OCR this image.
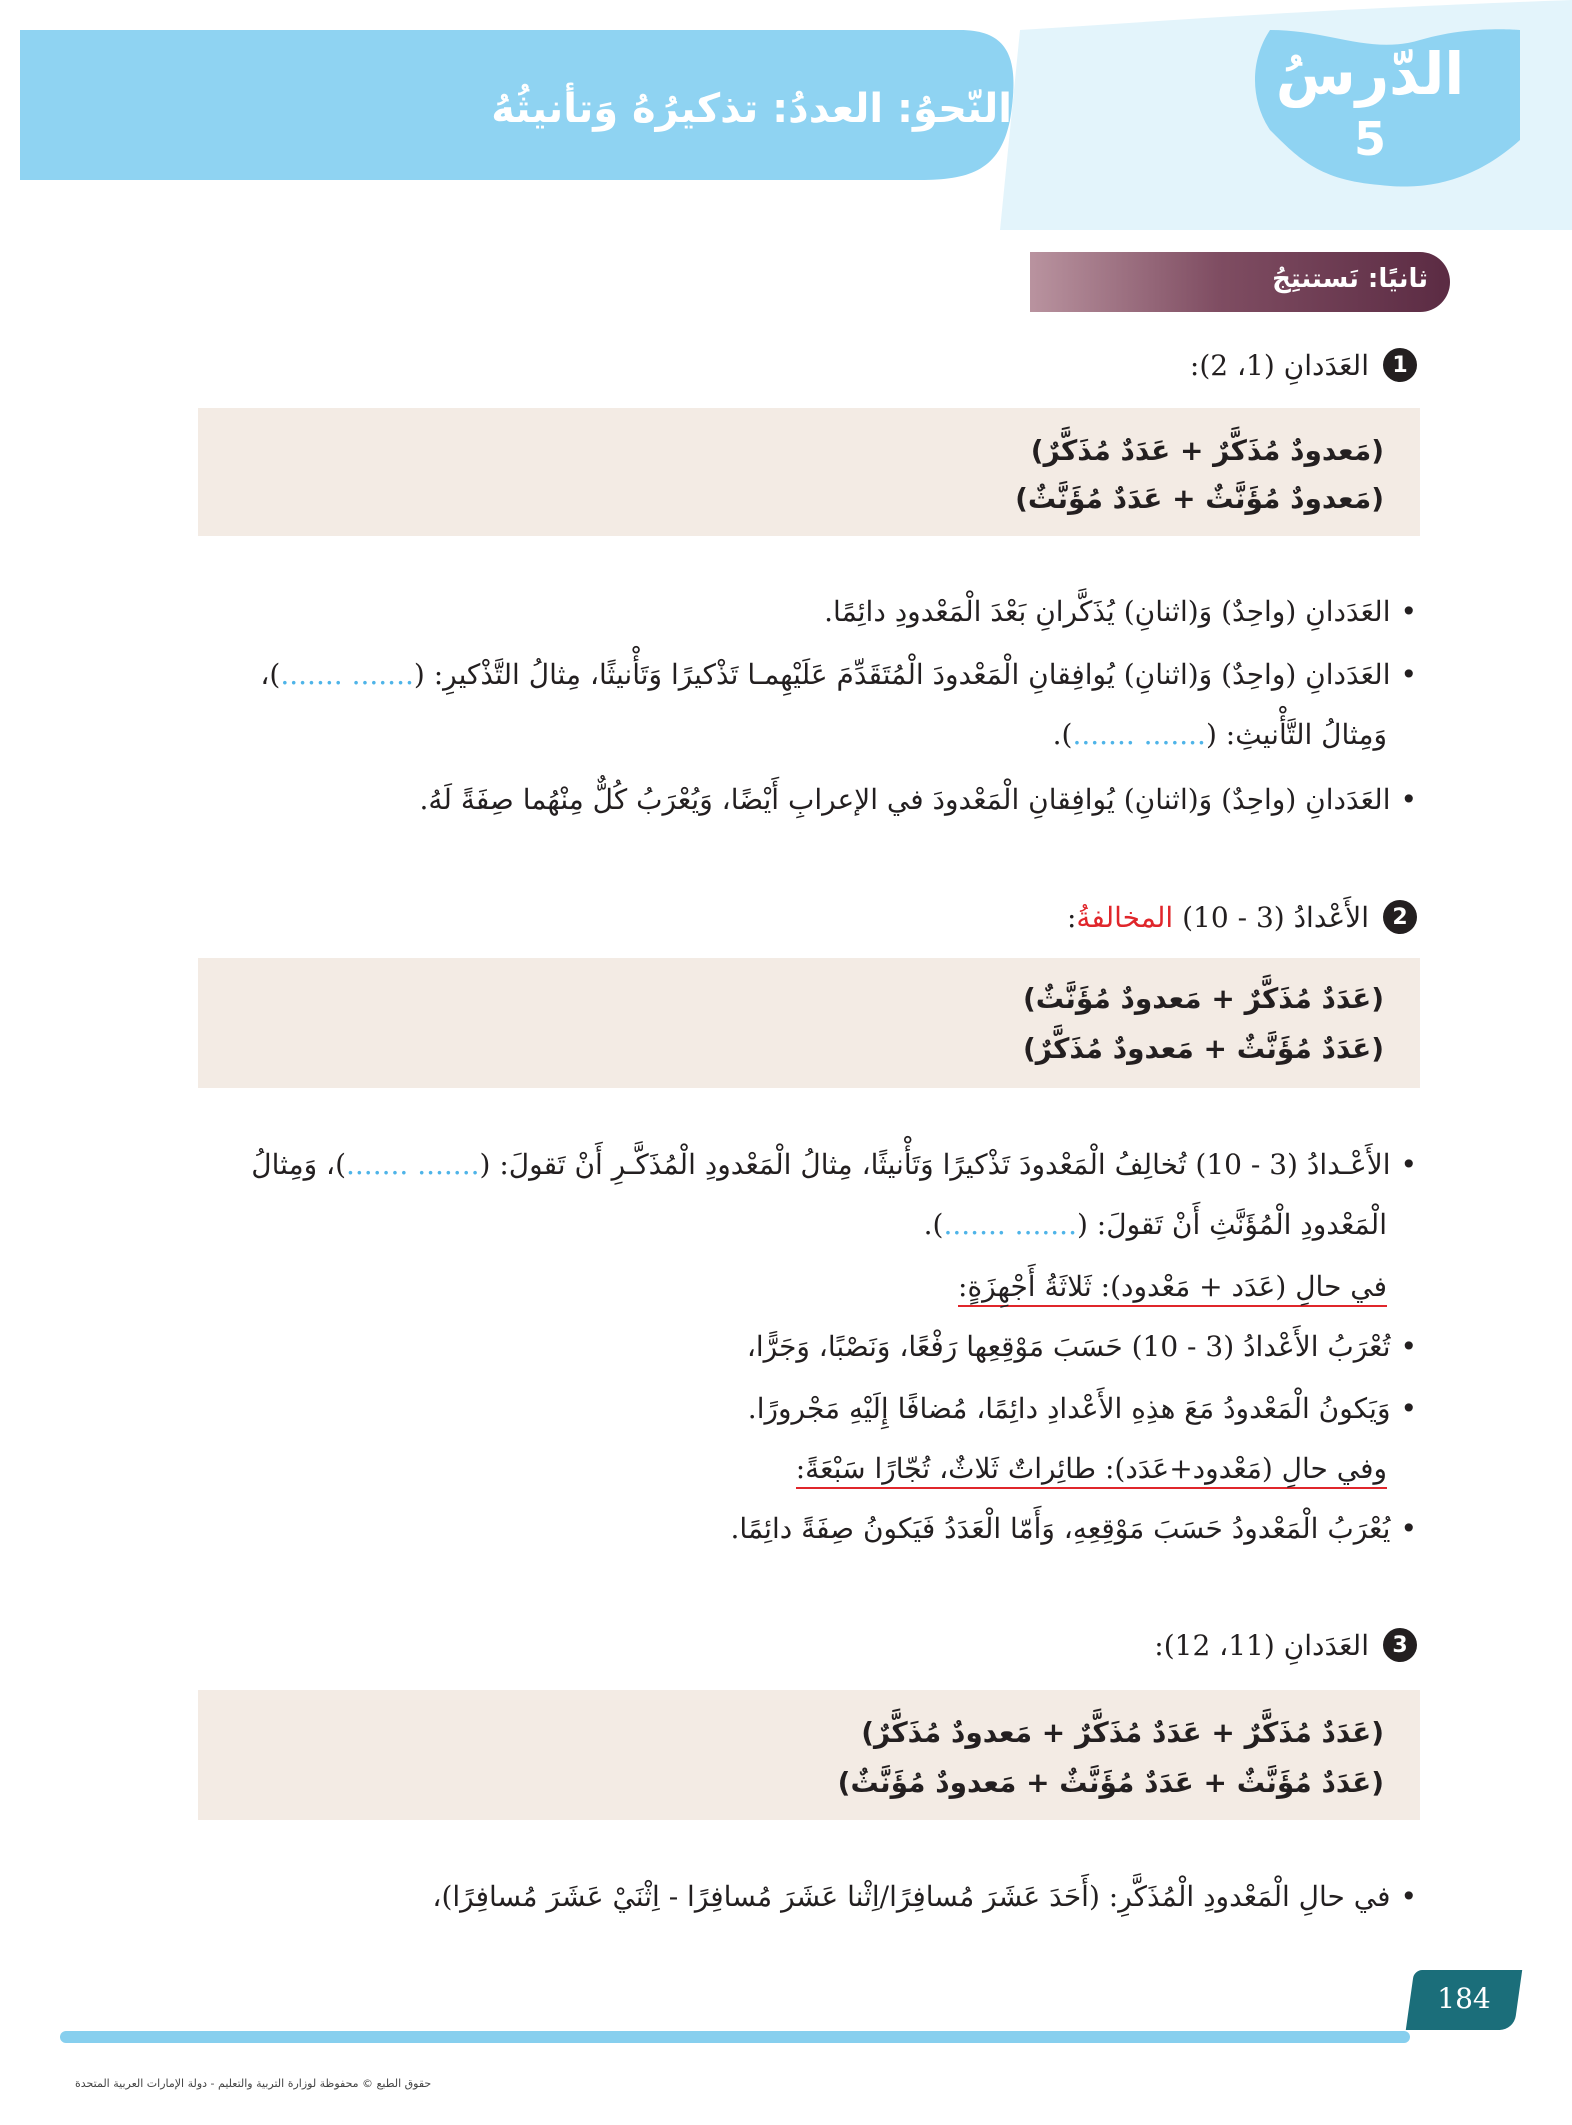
الدّرسُ
5
النّحوُ: العددُ: تذكيرُهُ وَتأنيثُهُ
ثانيًا: نَستنتِجُ
1
العَدَدانِ (1، 2):
(مَعدودٌ مُذَكَّرٌ + عَدَدٌ مُذَكَّرٌ)
(مَعدودٌ مُؤَنَّثٌ + عَدَدٌ مُؤَنَّثٌ)
• العَدَدانِ (واحِدٌ) وَ(اثنانِ) يُذَكَّرانِ بَعْدَ الْمَعْدودِ دائِمًا.
• العَدَدانِ (واحِدٌ) وَ(اثنانِ) يُوافِقانِ الْمَعْدودَ الْمُتَقَدِّمَ عَلَيْهِمـا تَذْكيرًا وَتَأْنيثًا، مِثالُ التَّذْكيرِ: (....... .......)،
وَمِثالُ التَّأْنيثِ: (....... .......).
• العَدَدانِ (واحِدٌ) وَ(اثنانِ) يُوافِقانِ الْمَعْدودَ في الإعرابِ أَيْضًا، وَيُعْرَبُ كُلٌّ مِنْهُما صِفَةً لَهُ.
2
الأَعْدادُ (3 - 10) المخالفةُ:
(عَدَدٌ مُذَكَّرٌ + مَعدودٌ مُؤَنَّثٌ)
(عَدَدٌ مُؤَنَّثٌ + مَعدودٌ مُذَكَّرٌ)
• الأَعْـدادُ (3 - 10) تُخالِفُ الْمَعْدودَ تَذْكيرًا وَتَأْنيثًا، مِثالُ الْمَعْدودِ الْمُذَكَّـرِ أَنْ تَقولَ: (....... .......)، وَمِثالُ
الْمَعْدودِ الْمُؤَنَّثِ أَنْ تَقولَ: (....... .......).
في حالِ (عَدَد + مَعْدود): ثَلاثَةُ أَجْهِزَةٍ:
• تُعْرَبُ الأَعْدادُ (3 - 10) حَسَبَ مَوْقِعِها رَفْعًا، وَنَصْبًا، وَجَرًّا،
• وَيَكونُ الْمَعْدودُ مَعَ هذِهِ الأَعْدادِ دائِمًا، مُضافًا إِلَيْهِ مَجْرورًا.
وفي حالِ (مَعْدود+عَدَد): طائِراتٌ ثَلاثٌ، تُجّارًا سَبْعَةً:
• يُعْرَبُ الْمَعْدودُ حَسَبَ مَوْقِعِهِ، وَأَمّا الْعَدَدُ فَيَكونُ صِفَةً دائِمًا.
3
العَدَدانِ (11، 12):
(عَدَدٌ مُذَكَّرٌ + عَدَدٌ مُذَكَّرٌ + مَعدودٌ مُذَكَّرٌ)
(عَدَدٌ مُؤَنَّثٌ + عَدَدٌ مُؤَنَّثٌ + مَعدودٌ مُؤَنَّثٌ)
• في حالِ الْمَعْدودِ الْمُذَكَّرِ: (أَحَدَ عَشَرَ مُسافِرًا/اِثْنا عَشَرَ مُسافِرًا - اِثْنَيْ عَشَرَ مُسافِرًا)،
184
حقوق الطبع © محفوظة لوزارة التربية والتعليم - دولة الإمارات العربية المتحدة
